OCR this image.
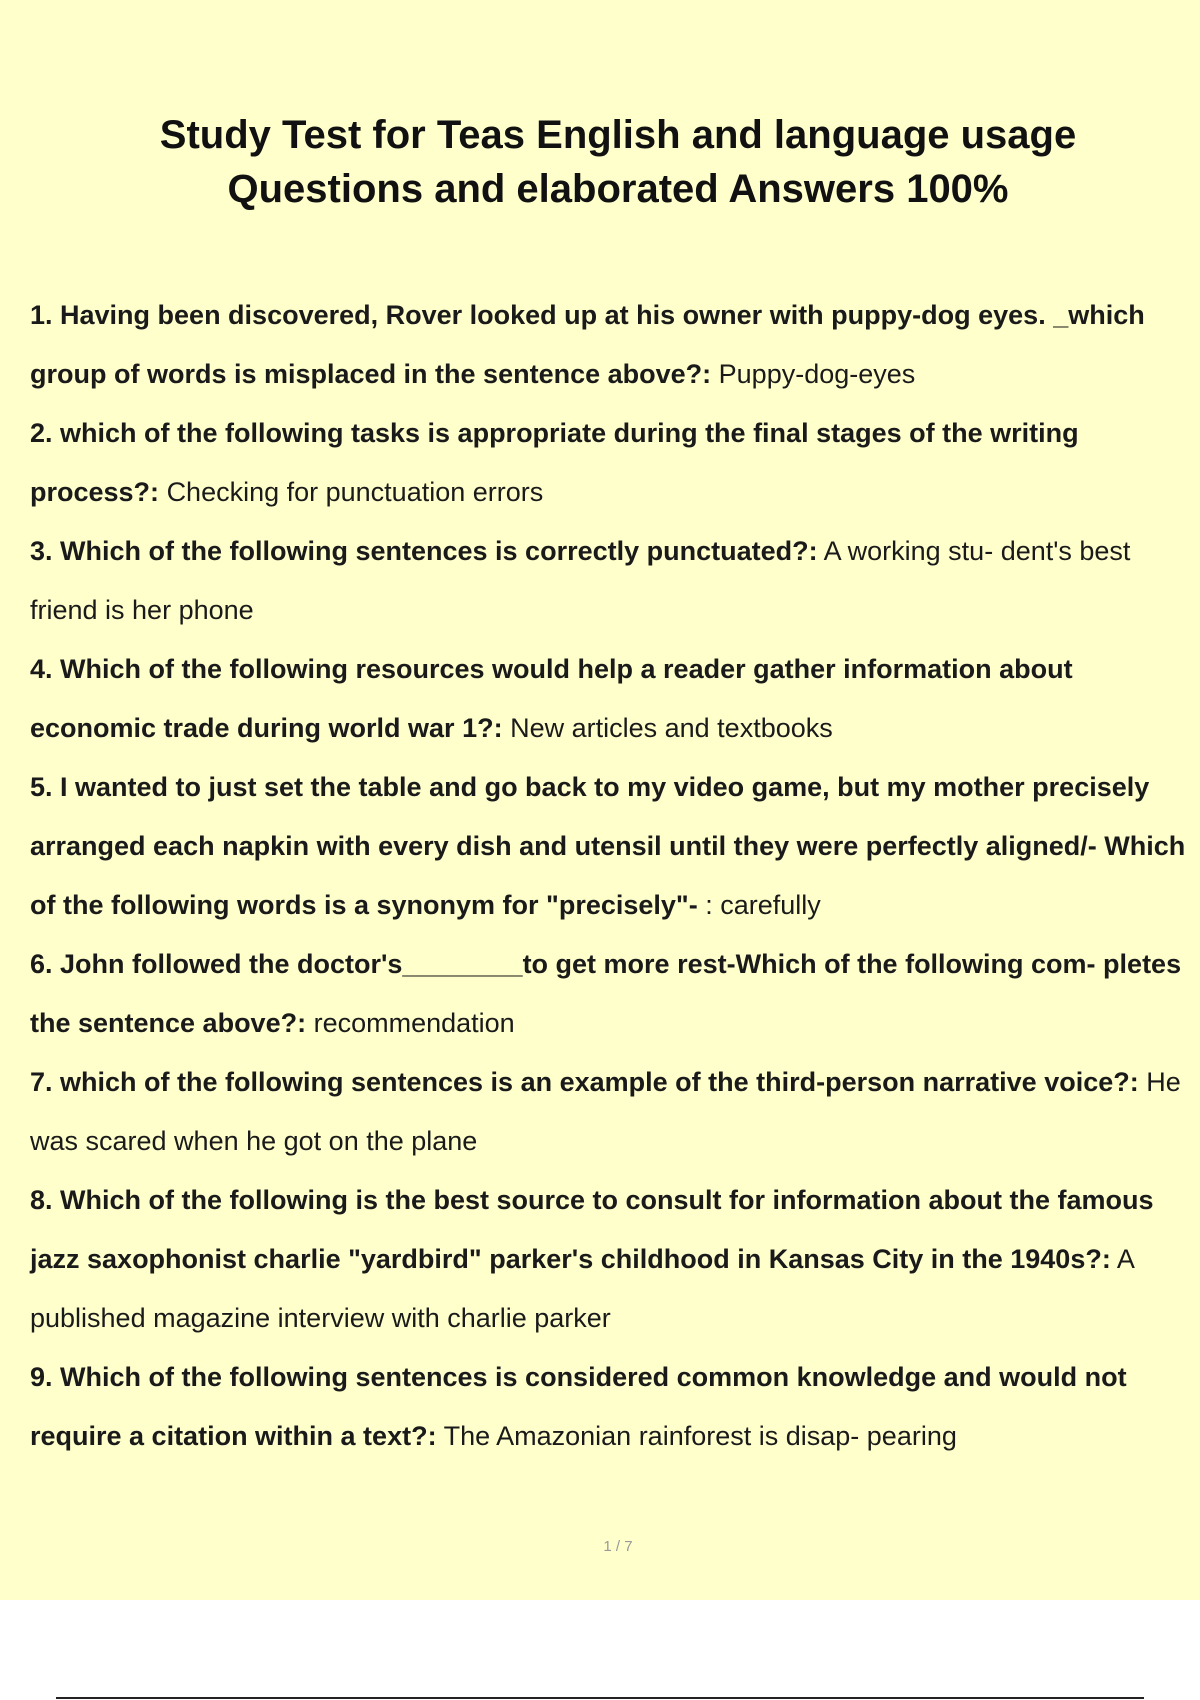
Study Test for Teas English and language usage
Questions and elaborated Answers 100%
1. Having been discovered, Rover looked up at his owner with puppy-dog eyes. _which group of words is misplaced in the sentence above?: Puppy-dog-eyes
2. which of the following tasks is appropriate during the final stages of the writing process?: Checking for punctuation errors
3. Which of the following sentences is correctly punctuated?: A working stu- dent's best friend is her phone
4. Which of the following resources would help a reader gather information about economic trade during world war 1?: New articles and textbooks
5. I wanted to just set the table and go back to my video game, but my mother precisely arranged each napkin with every dish and utensil until they were perfectly aligned/- Which of the following words is a synonym for "precisely"- : carefully
6. John followed the doctor's________to get more rest-Which of the following com- pletes the sentence above?: recommendation
7. which of the following sentences is an example of the third-person narrative voice?: He was scared when he got on the plane
8. Which of the following is the best source to consult for information about the famous jazz saxophonist charlie "yardbird" parker's childhood in Kansas City in the 1940s?: A published magazine interview with charlie parker
9. Which of the following sentences is considered common knowledge and would not require a citation within a text?: The Amazonian rainforest is disap- pearing
1 / 7
